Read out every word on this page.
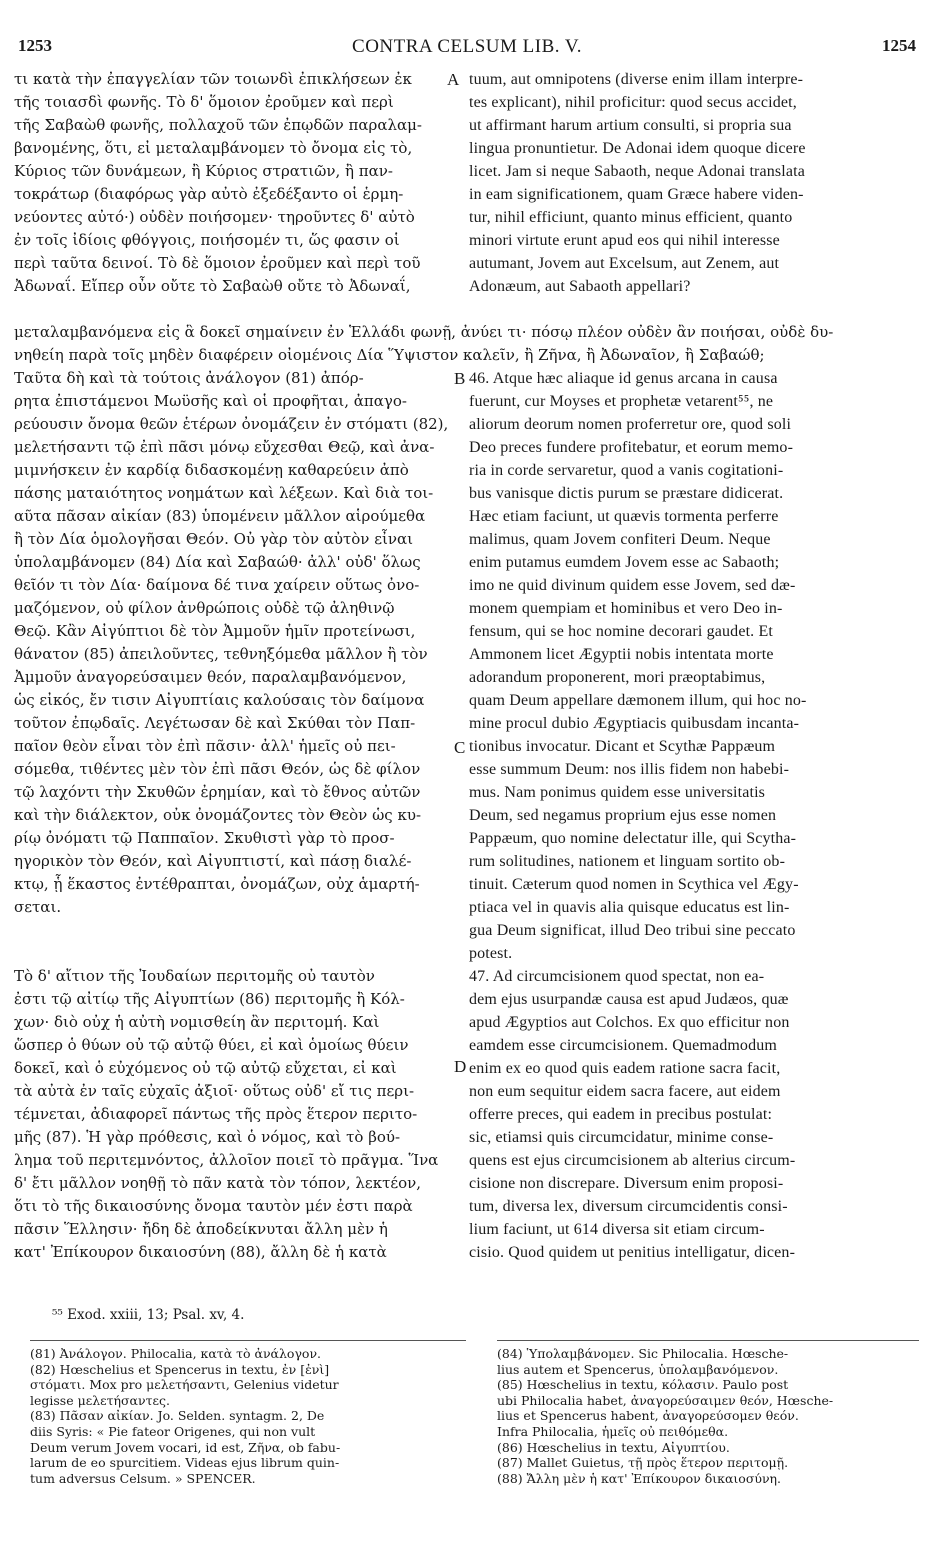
1253	CONTRA CELSUM LIB. V.	1254
A
B
C
D
τι κατὰ τὴν ἐπαγγελίαν τῶν τοιωνδὶ ἐπικλήσεων ἐκ
τῆς τοιασδὶ φωνῆς. Τὸ δ' ὅμοιον ἐροῦμεν καὶ περὶ
τῆς Σαβαὼθ φωνῆς, πολλαχοῦ τῶν ἐπῳδῶν παραλαμ-
βανομένης, ὅτι, εἰ μεταλαμβάνομεν τὸ ὄνομα εἰς τὸ,
Κύριος τῶν δυνάμεων, ἢ Κύριος στρατιῶν, ἢ παν-
τοκράτωρ (διαφόρως γὰρ αὐτὸ ἐξεδέξαντο οἱ ἑρμη-
νεύοντες αὐτό·) οὐδὲν ποιήσομεν· τηροῦντες δ' αὐτὸ
ἐν τοῖς ἰδίοις φθόγγοις, ποιήσομέν τι, ὥς φασιν οἱ
περὶ ταῦτα δεινοί. Τὸ δὲ ὅμοιον ἐροῦμεν καὶ περὶ τοῦ
Ἀδωναΐ. Εἴπερ οὖν οὔτε τὸ Σαβαὼθ οὔτε τὸ Ἀδωναΐ,
tuum, aut omnipotens (diverse enim illam interpre-
tes explicant), nihil proficitur: quod secus accidet,
ut affirmant harum artium consulti, si propria sua
lingua pronuntietur. De Adonai idem quoque dicere
licet. Jam si neque Sabaoth, neque Adonai translata
in eam significationem, quam Græce habere viden-
tur, nihil efficiunt, quanto minus efficient, quanto
minori virtute erunt apud eos qui nihil interesse
autumant, Jovem aut Excelsum, aut Zenem, aut
Adonæum, aut Sabaoth appellari?
μεταλαμβανόμενα εἰς ἃ δοκεῖ σημαίνειν ἐν Ἑλλάδι φωνῇ, ἀνύει τι· πόσῳ πλέον οὐδὲν ἂν ποιήσαι, οὐδὲ δυ-
νηθείη παρὰ τοῖς μηδὲν διαφέρειν οἰομένοις Δία Ὕψιστον καλεῖν, ἢ Ζῆνα, ἢ Ἀδωναῖον, ἢ Σαβαώθ;
Ταῦτα δὴ καὶ τὰ τούτοις ἀνάλογον (81) ἀπόρ-
ρητα ἐπιστάμενοι Μωϋσῆς καὶ οἱ προφῆται, ἀπαγο-
ρεύουσιν ὄνομα θεῶν ἑτέρων ὀνομάζειν ἐν στόματι (82),
μελετήσαντι τῷ ἐπὶ πᾶσι μόνῳ εὔχεσθαι Θεῷ, καὶ ἀνα-
μιμνήσκειν ἐν καρδίᾳ διδασκομένῃ καθαρεύειν ἀπὸ
πάσης ματαιότητος νοημάτων καὶ λέξεων. Καὶ διὰ τοι-
αῦτα πᾶσαν αἰκίαν (83) ὑπομένειν μᾶλλον αἱρούμεθα
ἢ τὸν Δία ὁμολογῆσαι Θεόν. Οὐ γὰρ τὸν αὐτὸν εἶναι
ὑπολαμβάνομεν (84) Δία καὶ Σαβαώθ· ἀλλ' οὐδ' ὅλως
θεῖόν τι τὸν Δία· δαίμονα δέ τινα χαίρειν οὕτως ὀνο-
μαζόμενον, οὐ φίλον ἀνθρώποις οὐδὲ τῷ ἀληθινῷ
Θεῷ. Κἂν Αἰγύπτιοι δὲ τὸν Ἀμμοῦν ἡμῖν προτείνωσι,
θάνατον (85) ἀπειλοῦντες, τεθνηξόμεθα μᾶλλον ἢ τὸν
Ἀμμοῦν ἀναγορεύσαιμεν θεόν, παραλαμβανόμενον,
ὡς εἰκός, ἔν τισιν Αἰγυπτίαις καλούσαις τὸν δαίμονα
τοῦτον ἐπῳδαῖς. Λεγέτωσαν δὲ καὶ Σκύθαι τὸν Παπ-
παῖον θεὸν εἶναι τὸν ἐπὶ πᾶσιν· ἀλλ' ἡμεῖς οὐ πει-
σόμεθα, τιθέντες μὲν τὸν ἐπὶ πᾶσι Θεόν, ὡς δὲ φίλον
τῷ λαχόντι τὴν Σκυθῶν ἐρημίαν, καὶ τὸ ἔθνος αὐτῶν
καὶ τὴν διάλεκτον, οὐκ ὀνομάζοντες τὸν Θεὸν ὡς κυ-
ρίῳ ὀνόματι τῷ Παππαῖον. Σκυθιστὶ γὰρ τὸ προσ-
ηγορικὸν τὸν Θεόν, καὶ Αἰγυπτιστί, καὶ πάσῃ διαλέ-
κτῳ, ᾗ ἕκαστος ἐντέθραπται, ὀνομάζων, οὐχ ἁμαρτή-
σεται.
46. Atque hæc aliaque id genus arcana in causa
fuerunt, cur Moyses et prophetæ vetarent⁵⁵, ne
aliorum deorum nomen proferretur ore, quod soli
Deo preces fundere profitebatur, et eorum memo-
ria in corde servaretur, quod a vanis cogitationi-
bus vanisque dictis purum se præstare didicerat.
Hæc etiam faciunt, ut quævis tormenta perferre
malimus, quam Jovem confiteri Deum. Neque
enim putamus eumdem Jovem esse ac Sabaoth;
imo ne quid divinum quidem esse Jovem, sed dæ-
monem quempiam et hominibus et vero Deo in-
fensum, qui se hoc nomine decorari gaudet. Et
Ammonem licet Ægyptii nobis intentata morte
adorandum proponerent, mori præoptabimus,
quam Deum appellare dæmonem illum, qui hoc no-
mine procul dubio Ægyptiacis quibusdam incanta-
tionibus invocatur. Dicant et Scythæ Pappæum
esse summum Deum: nos illis fidem non habebi-
mus. Nam ponimus quidem esse universitatis
Deum, sed negamus proprium ejus esse nomen
Pappæum, quo nomine delectatur ille, qui Scytha-
rum solitudines, nationem et linguam sortito ob-
tinuit. Cæterum quod nomen in Scythica vel Ægy-
ptiaca vel in quavis alia quisque educatus est lin-
gua Deum significat, illud Deo tribui sine peccato
potest.
Τὸ δ' αἴτιον τῆς Ἰουδαίων περιτομῆς οὐ ταυτὸν
ἐστι τῷ αἰτίῳ τῆς Αἰγυπτίων (86) περιτομῆς ἢ Κόλ-
χων· διὸ οὐχ ἡ αὐτὴ νομισθείη ἂν περιτομή. Καὶ
ὥσπερ ὁ θύων οὐ τῷ αὐτῷ θύει, εἰ καὶ ὁμοίως θύειν
δοκεῖ, καὶ ὁ εὐχόμενος οὐ τῷ αὐτῷ εὔχεται, εἰ καὶ
τὰ αὐτὰ ἐν ταῖς εὐχαῖς ἀξιοῖ· οὕτως οὐδ' εἴ τις περι-
τέμνεται, ἀδιαφορεῖ πάντως τῆς πρὸς ἕτερον περιτο-
μῆς (87). Ἡ γὰρ πρόθεσις, καὶ ὁ νόμος, καὶ τὸ βού-
λημα τοῦ περιτεμνόντος, ἀλλοῖον ποιεῖ τὸ πρᾶγμα. Ἵνα
δ' ἔτι μᾶλλον νοηθῇ τὸ πᾶν κατὰ τὸν τόπον, λεκτέον,
ὅτι τὸ τῆς δικαιοσύνης ὄνομα ταυτὸν μέν ἐστι παρὰ
πᾶσιν Ἕλλησιν· ἤδη δὲ ἀποδείκνυται ἄλλη μὲν ἡ
κατ' Ἐπίκουρον δικαιοσύνη (88), ἄλλη δὲ ἡ κατὰ
47. Ad circumcisionem quod spectat, non ea-
dem ejus usurpandæ causa est apud Judæos, quæ
apud Ægyptios aut Colchos. Ex quo efficitur non
eamdem esse circumcisionem. Quemadmodum
enim ex eo quod quis eadem ratione sacra facit,
non eum sequitur eidem sacra facere, aut eidem
offerre preces, qui eadem in precibus postulat:
sic, etiamsi quis circumcidatur, minime conse-
quens est ejus circumcisionem ab alterius circum-
cisione non discrepare. Diversum enim proposi-
tum, diversa lex, diversum circumcidentis consi-
lium faciunt, ut 614 diversa sit etiam circum-
cisio. Quod quidem ut penitius intelligatur, dicen-
⁵⁵ Exod. xxiii, 13; Psal. xv, 4.
(81) Ἀνάλογον. Philocalia, κατὰ τὸ ἀνάλογον.
(82) Hœschelius et Spencerus in textu, ἐν [ἐνὶ]
στόματι. Mox pro μελετήσαντι, Gelenius videtur
legisse μελετήσαντες.
(83) Πᾶσαν αἰκίαν. Jo. Selden. syntagm. 2, De
diis Syris: « Pie fateor Origenes, qui non vult
Deum verum Jovem vocari, id est, Ζῆνα, ob fabu-
larum de eo spurcitiem. Videas ejus librum quin-
tum adversus Celsum. » SPENCER.
(84) Ὑπολαμβάνομεν. Sic Philocalia. Hœsche-
lius autem et Spencerus, ὑπολαμβανόμενον.
(85) Hœschelius in textu, κόλασιν. Paulo post
ubi Philocalia habet, ἀναγορεύσαιμεν θεόν, Hœsche-
lius et Spencerus habent, ἀναγορεύσομεν θεόν.
Infra Philocalia, ἡμεῖς οὐ πειθόμεθα.
(86) Hœschelius in textu, Αἰγυπτίου.
(87) Mallet Guietus, τῇ πρὸς ἕτερον περιτομῇ.
(88) Ἄλλη μὲν ἡ κατ' Ἐπίκουρον δικαιοσύνη.
